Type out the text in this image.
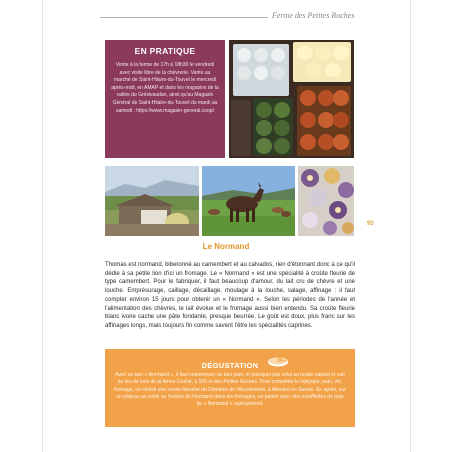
Ferme des Petites Roches
EN PRATIQUE
Vente à la ferme de 17h à 18h30 le vendredi avec visite libre de la chèvrerie. Vente au marché de Saint-Hilaire-du-Touvet le mercredi après-midi, en AMAP et dans les magasins de la vallée du Grésivaudan, ainsi qu'au Magasin Général de Saint-Hilaire-du-Touvet du mardi au samedi : https://www.magasin-general.coop/
95
Le Normand
Thomas est normand, biberonné au camembert et au calvados, rien d'étonnant donc à ce qu'il dédie à sa petite lion d'ici un fromage. Le « Normand » est une spécialité à croûte fleurie de type camembert. Pour le fabriquer, il faut beaucoup d'amour, du lait cru de chèvre et une louche. Emprésurage, caillage, décaillage, moulage à la louche, salage, affinage : il faut compter environ 15 jours pour obtenir un « Normand ». Selon les périodes de l'année et l'alimentation des chèvres, le lait évolue et le fromage aussi bien entendu. Sa croûte fleurie blanc ivoire cache une pâte fondante, presque beurrée. Le goût est doux, plus franc sur les affinages longs, mais toujours fin comme savent l'être les spécialités caprines.
DÉGUSTATION
Avec un bon « Normand », il faut commencer un bon pain, et pourquoi pas celui au levain naturel et cuit au feu de bois de la ferme Goche, à 500 m des Petites Roches. Pour compléter le triptyque, pain, vin, fromage, on choisit une cuvée blanche du Domaine de l'Accommont, à Allevard en Savoie. En après, sur un plateau au soleil ou l'entrée du Normand dans les fromages, un panier avec des moufflettes de pain de « Normand » rapé présent.
